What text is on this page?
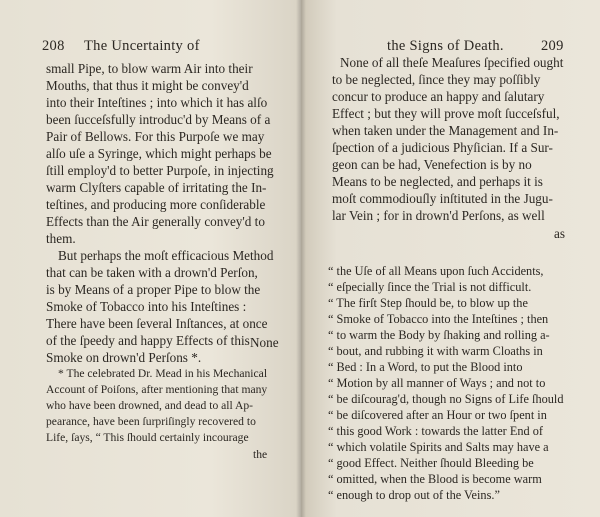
208 The Uncertainty of
small Pipe, to blow warm Air into their
Mouths, that thus it might be convey'd
into their Inteſtines ; into which it has alſo
been ſucceſsfully introduc'd by Means of a
Pair of Bellows. For this Purpoſe we may
alſo uſe a Syringe, which might perhaps be
ſtill employ'd to better Purpoſe, in injecting
warm Clyſters capable of irritating the In-
teſtines, and producing more conſiderable
Effects than the Air generally convey'd to
them.
But perhaps the moſt efficacious Method
that can be taken with a drown'd Perſon,
is by Means of a proper Pipe to blow the
Smoke of Tobacco into his Inteſtines :
There have been ſeveral Inſtances, at once
of the ſpeedy and happy Effects of this
Smoke on drown'd Perſons *.
None
* The celebrated Dr. Mead in his Mechanical
Account of Poiſons, after mentioning that many
who have been drowned, and dead to all Ap-
pearance, have been ſurpriſingly recovered to
Life, ſays, “ This ſhould certainly incourage
the
the Signs of Death.	209
None of all theſe Meaſures ſpecified ought
to be neglected, ſince they may poſſibly
concur to produce an happy and ſalutary
Effect ; but they will prove moſt ſucceſsful,
when taken under the Management and In-
ſpection of a judicious Phyſician. If a Sur-
geon can be had, Venefection is by no
Means to be neglected, and perhaps it is
moſt commodiouſly inſtituted in the Jugu-
lar Vein ; for in drown'd Perſons, as well
as
“ the Uſe of all Means upon ſuch Accidents,
“ eſpecially ſince the Trial is not difficult.
“ The firſt Step ſhould be, to blow up the
“ Smoke of Tobacco into the Inteſtines ; then
“ to warm the Body by ſhaking and rolling a-
“ bout, and rubbing it with warm Cloaths in
“ Bed : In a Word, to put the Blood into
“ Motion by all manner of Ways ; and not to
“ be diſcourag'd, though no Signs of Life ſhould
“ be diſcovered after an Hour or two ſpent in
“ this good Work : towards the latter End of
“ which volatile Spirits and Salts may have a
“ good Effect. Neither ſhould Bleeding be
“ omitted, when the Blood is become warm
“ enough to drop out of the Veins.”
